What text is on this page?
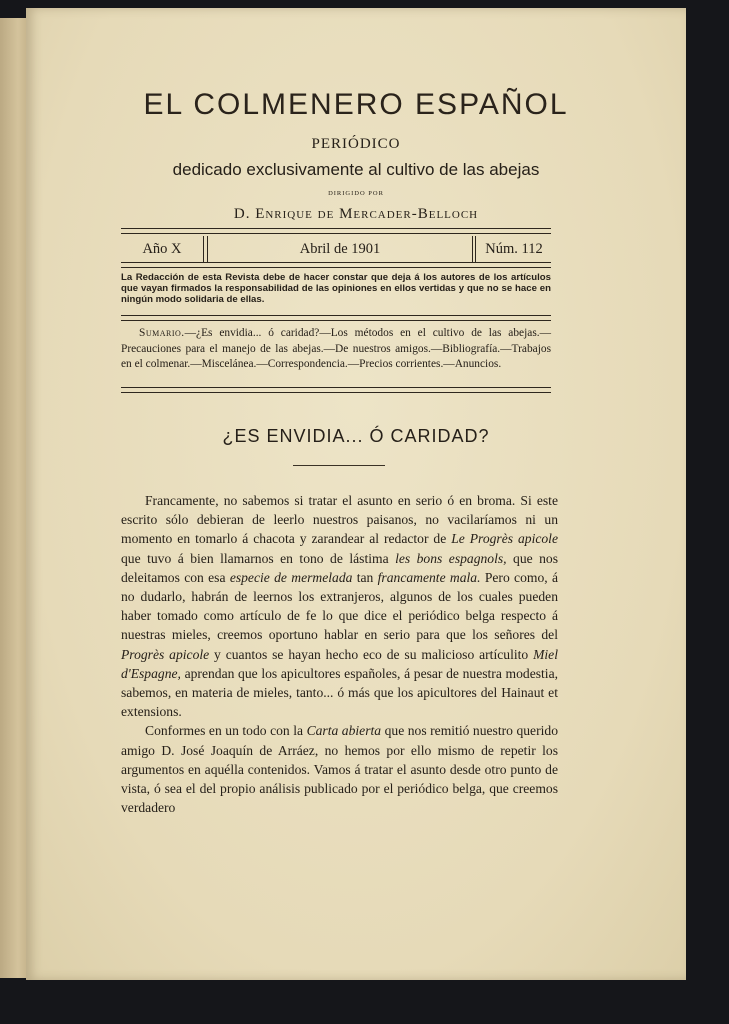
EL COLMENERO ESPAÑOL
PERIÓDICO
dedicado exclusivamente al cultivo de las abejas
DIRIGIDO POR
D. Enrique de Mercader-Belloch
Año X	Abril de 1901	Núm. 112

La Redacción de esta Revista debe de hacer constar que deja á los autores de los artículos que vayan firmados la responsabilidad de las opiniones en ellos vertidas y que no se hace en ningún modo solidaria de ellas.

Sumario.—¿Es envidia... ó caridad?—Los métodos en el cultivo de las abejas.—Precauciones para el manejo de las abejas.—De nuestros amigos.—Bibliografía.—Trabajos en el colmenar.—Miscelánea.—Correspondencia.—Precios corrientes.—Anuncios.

¿ES ENVIDIA... Ó CARIDAD?

Francamente, no sabemos si tratar el asunto en serio ó en broma. Si este escrito sólo debieran de leerlo nuestros paisanos, no vacilaríamos ni un momento en tomarlo á chacota y zarandear al redactor de Le Progrès apicole que tuvo á bien llamarnos en tono de lástima les bons espagnols, que nos deleitamos con esa especie de mermelada tan francamente mala. Pero como, á no dudarlo, habrán de leernos los extranjeros, algunos de los cuales pueden haber tomado como artículo de fe lo que dice el periódico belga respecto á nuestras mieles, creemos oportuno hablar en serio para que los señores del Progrès apicole y cuantos se hayan hecho eco de su malicioso artículito Miel d'Espagne, aprendan que los apicultores españoles, á pesar de nuestra modestia, sabemos, en materia de mieles, tanto... ó más que los apicultores del Hainaut et extensions.

Conformes en un todo con la Carta abierta que nos remitió nuestro querido amigo D. José Joaquín de Arráez, no hemos por ello mismo de repetir los argumentos en aquélla contenidos. Vamos á tratar el asunto desde otro punto de vista, ó sea el del propio análisis publicado por el periódico belga, que creemos verdadero
